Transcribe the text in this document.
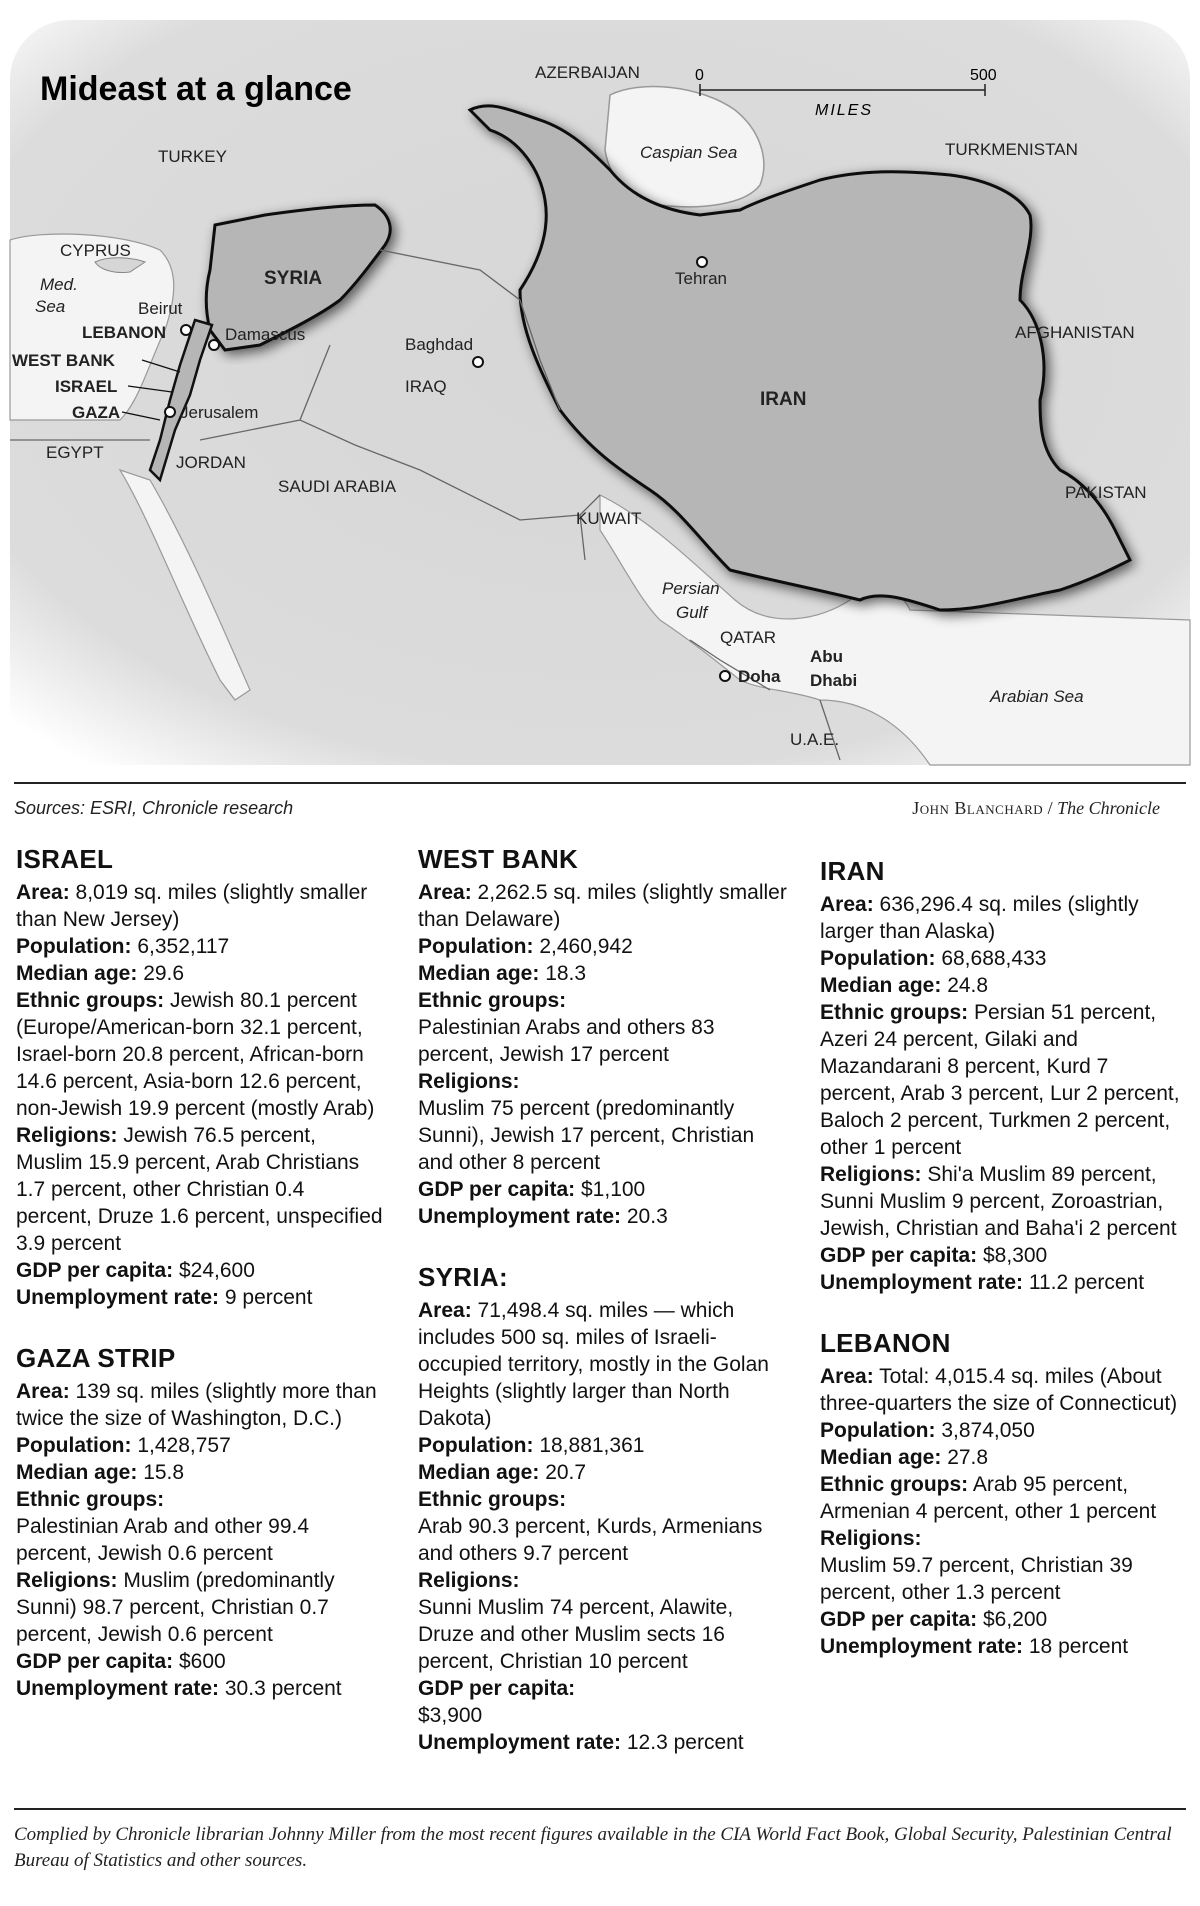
Mideast at a glance	0	500
MILES
AZERBAIJAN
TURKEY	Caspian Sea	TURKMENISTAN
CYPRUS
Med.
Sea
SYRIA
Beirut
LEBANON	Damascus
Tehran
AFGHANISTAN
Baghdad
WEST BANK
ISRAEL
GAZA	Jerusalem
IRAQ
IRAN
EGYPT
JORDAN
SAUDI ARABIA	PAKISTAN
KUWAIT
Persian
Gulf
QATAR
Abu
Dhabi
Doha
Arabian Sea
U.A.E.
Sources: ESRI, Chronicle research	John Blanchard / The Chronicle
ISRAEL

Area: 8,019 sq. miles (slightly smaller than New Jersey)

Population: 6,352,117

Median age: 29.6

Ethnic groups: Jewish 80.1 percent (Europe/American-born 32.1 percent, Israel-born 20.8 percent, African-born 14.6 percent, Asia-born 12.6 percent, non-Jewish 19.9 percent (mostly Arab)

Religions: Jewish 76.5 percent, Muslim 15.9 percent, Arab Christians 1.7 percent, other Christian 0.4 percent, Druze 1.6 percent, unspecified 3.9 percent

GDP per capita: $24,600

Unemployment rate: 9 percent

GAZA STRIP

Area: 139 sq. miles (slightly more than twice the size of Washington, D.C.)

Population: 1,428,757

Median age: 15.8

Ethnic groups:

Palestinian Arab and other 99.4 percent, Jewish 0.6 percent

Religions: Muslim (predominantly Sunni) 98.7 percent, Christian 0.7 percent, Jewish 0.6 percent

GDP per capita: $600

Unemployment rate: 30.3 percent

WEST BANK

Area: 2,262.5 sq. miles (slightly smaller than Delaware)

Population: 2,460,942

Median age: 18.3

Ethnic groups:

Palestinian Arabs and others 83 percent, Jewish 17 percent

Religions:

Muslim 75 percent (predominantly Sunni), Jewish 17 percent, Christian and other 8 percent

GDP per capita: $1,100

Unemployment rate: 20.3

SYRIA:

Area: 71,498.4 sq. miles — which includes 500 sq. miles of Israeli-occupied territory, mostly in the Golan Heights (slightly larger than North Dakota)

Population: 18,881,361

Median age: 20.7

Ethnic groups:

Arab 90.3 percent, Kurds, Armenians and others 9.7 percent

Religions:

Sunni Muslim 74 percent, Alawite, Druze and other Muslim sects 16 percent, Christian 10 percent

GDP per capita:

$3,900

Unemployment rate: 12.3 percent

IRAN

Area: 636,296.4 sq. miles (slightly larger than Alaska)

Population: 68,688,433

Median age: 24.8

Ethnic groups: Persian 51 percent, Azeri 24 percent, Gilaki and Mazandarani 8 percent, Kurd 7 percent, Arab 3 percent, Lur 2 percent, Baloch 2 percent, Turkmen 2 percent, other 1 percent

Religions: Shi'a Muslim 89 percent, Sunni Muslim 9 percent, Zoroastrian, Jewish, Christian and Baha'i 2 percent

GDP per capita: $8,300

Unemployment rate: 11.2 percent

LEBANON

Area: Total: 4,015.4 sq. miles (About three-quarters the size of Connecticut)

Population: 3,874,050

Median age: 27.8

Ethnic groups: Arab 95 percent, Armenian 4 percent, other 1 percent

Religions:

Muslim 59.7 percent, Christian 39 percent, other 1.3 percent

GDP per capita: $6,200

Unemployment rate: 18 percent

Complied by Chronicle librarian Johnny Miller from the most recent figures available in the CIA World Fact Book, Global Security, Palestinian Central Bureau of Statistics and other sources.
